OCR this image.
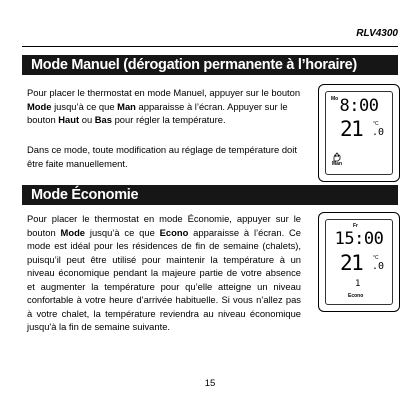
RLV4300
Mode Manuel (dérogation permanente à l’horaire)

Pour placer le thermostat en mode Manuel, appuyer sur le bouton Mode jusqu’à ce que Man apparaisse à l’écran. Appuyer sur le bouton Haut ou Bas pour régler la température.

Dans ce mode, toute modification au réglage de température doit être faite manuellement.

Mo 8:00
21 °C
.0
Man
Mode Économie

Pour placer le thermostat en mode Économie, appuyer sur le bouton Mode jusqu’à ce que Econo apparaisse à l’écran. Ce mode est idéal pour les résidences de fin de semaine (chalets), puisqu’il peut être utilisé pour maintenir la température à un niveau économique pendant la majeure partie de votre absence et augmenter la température pour qu’elle atteigne un niveau confortable à votre heure d’arrivée habituelle. Si vous n’allez pas à votre chalet, la température reviendra au niveau économique jusqu'à la fin de semaine suivante.

Fr
15:00
21 °C
.0
1
Econo
15
